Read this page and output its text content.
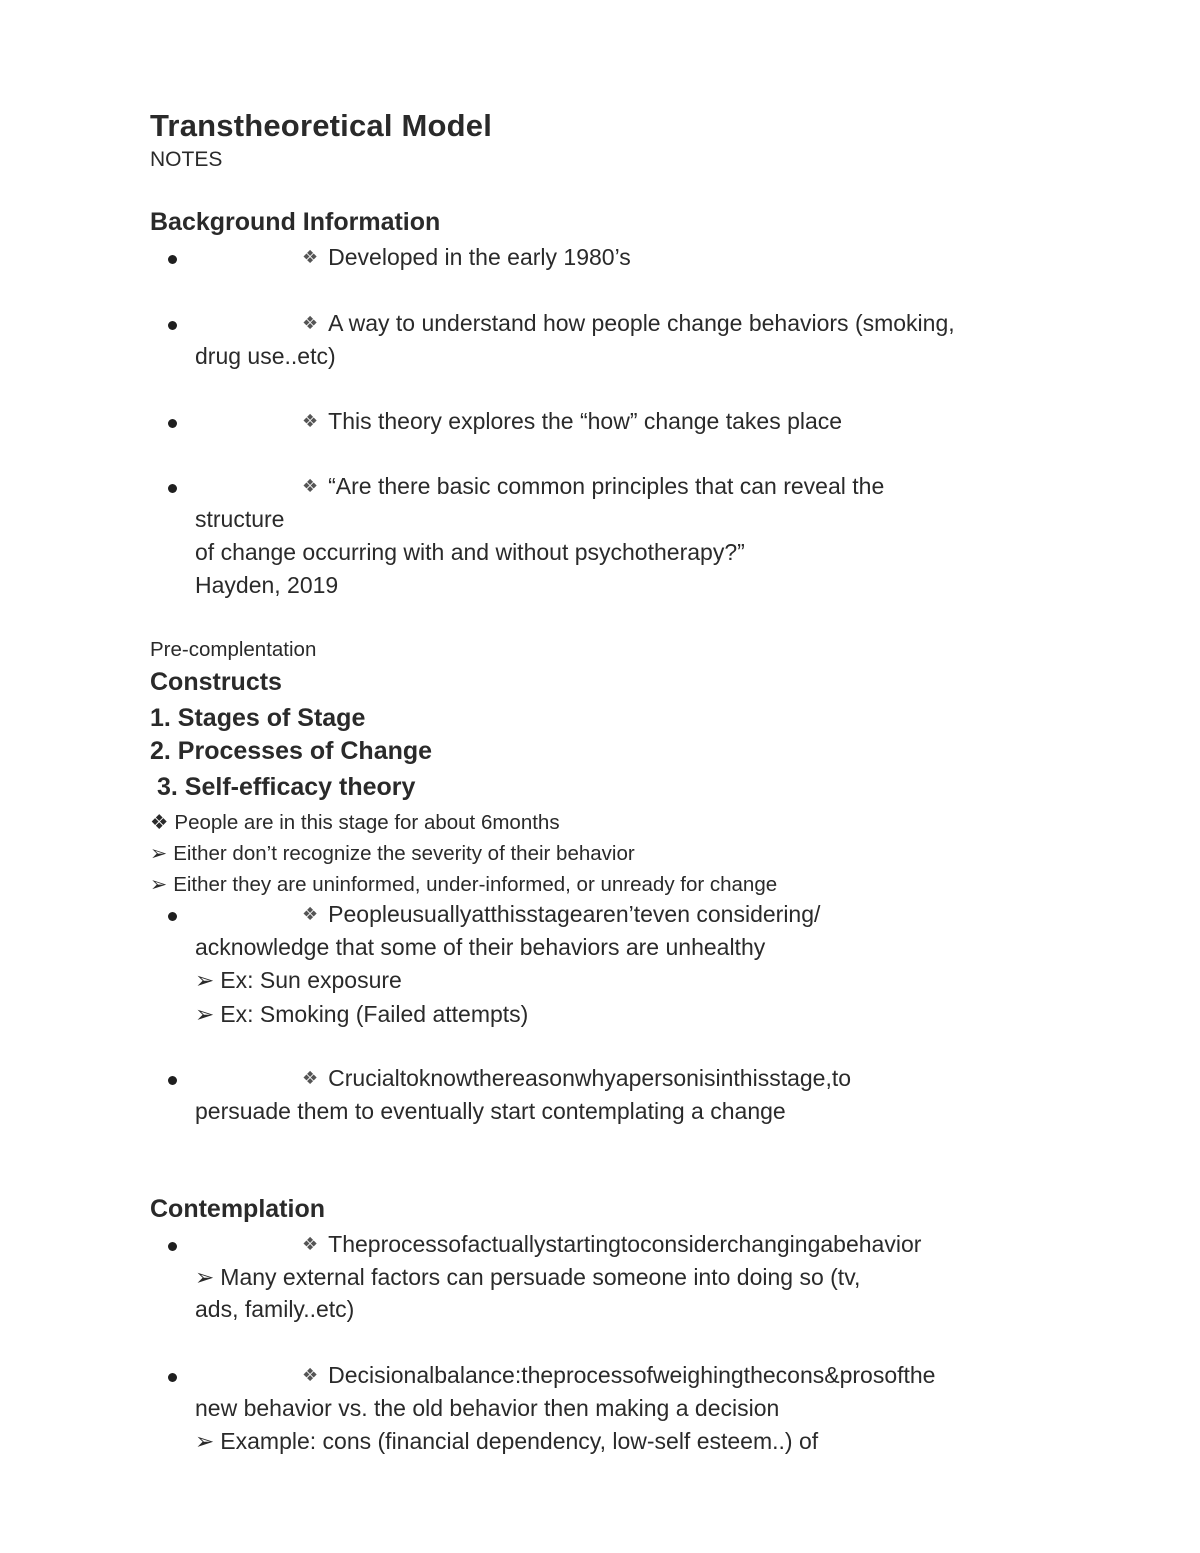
Transtheoretical Model
NOTES
Background Information
❖ Developed in the early 1980’s
❖ A way to understand how people change behaviors (smoking,
drug use..etc)
❖ This theory explores the “how” change takes place
❖ “Are there basic common principles that can reveal the
structure
of change occurring with and without psychotherapy?”
Hayden, 2019
Pre-complentation
Constructs
1. Stages of Stage
2. Processes of Change
3. Self-efficacy theory
❖ People are in this stage for about 6months
➢ Either don’t recognize the severity of their behavior
➢ Either they are uninformed, under-informed, or unready for change
❖ Peopleusuallyatthisstagearen’teven considering/
acknowledge that some of their behaviors are unhealthy
➢ Ex: Sun exposure
➢ Ex: Smoking (Failed attempts)
❖ Crucialtoknowthereasonwhyapersonisinthisstage,to
persuade them to eventually start contemplating a change
Contemplation
❖ Theprocessofactuallystartingtoconsiderchangingabehavior
➢ Many external factors can persuade someone into doing so (tv,
ads, family..etc)
❖ Decisionalbalance:theprocessofweighingthecons&prosofthe
new behavior vs. the old behavior then making a decision
➢ Example: cons (financial dependency, low-self esteem..) of
